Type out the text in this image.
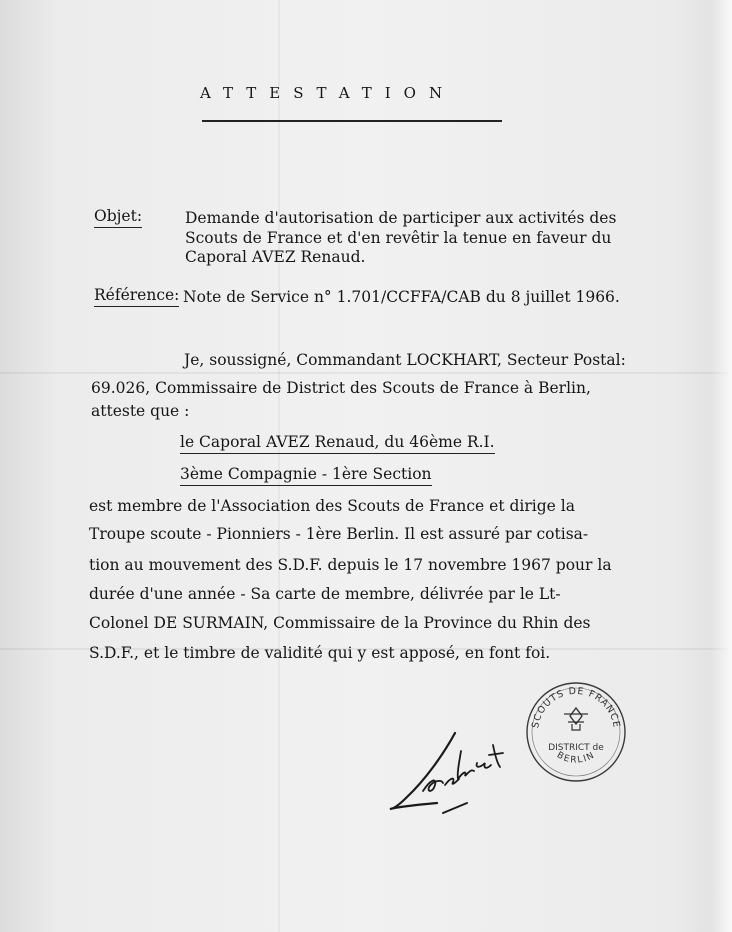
ATTESTATION
Objet:	Demande d'autorisation de participer aux activités des
Scouts de France et d'en revêtir la tenue en faveur du
Caporal AVEZ Renaud.
Référence: Note de Service n° 1.701/CCFFA/CAB du 8 juillet 1966.
Je, soussigné, Commandant LOCKHART, Secteur Postal:
69.026, Commissaire de District des Scouts de France à Berlin,
atteste que :
le Caporal AVEZ Renaud, du 46ème R.I.
3ème Compagnie - 1ère Section
est membre de l'Association des Scouts de France et dirige la
Troupe scoute - Pionniers - 1ère Berlin. Il est assuré par cotisa-
tion au mouvement des S.D.F. depuis le 17 novembre 1967 pour la
durée d'une année - Sa carte de membre, délivrée par le Lt-
Colonel DE SURMAIN, Commissaire de la Province du Rhin des
S.D.F., et le timbre de validité qui y est apposé, en font foi.
SCOUTS DE FRANCE
DISTRICT de
BERLIN
